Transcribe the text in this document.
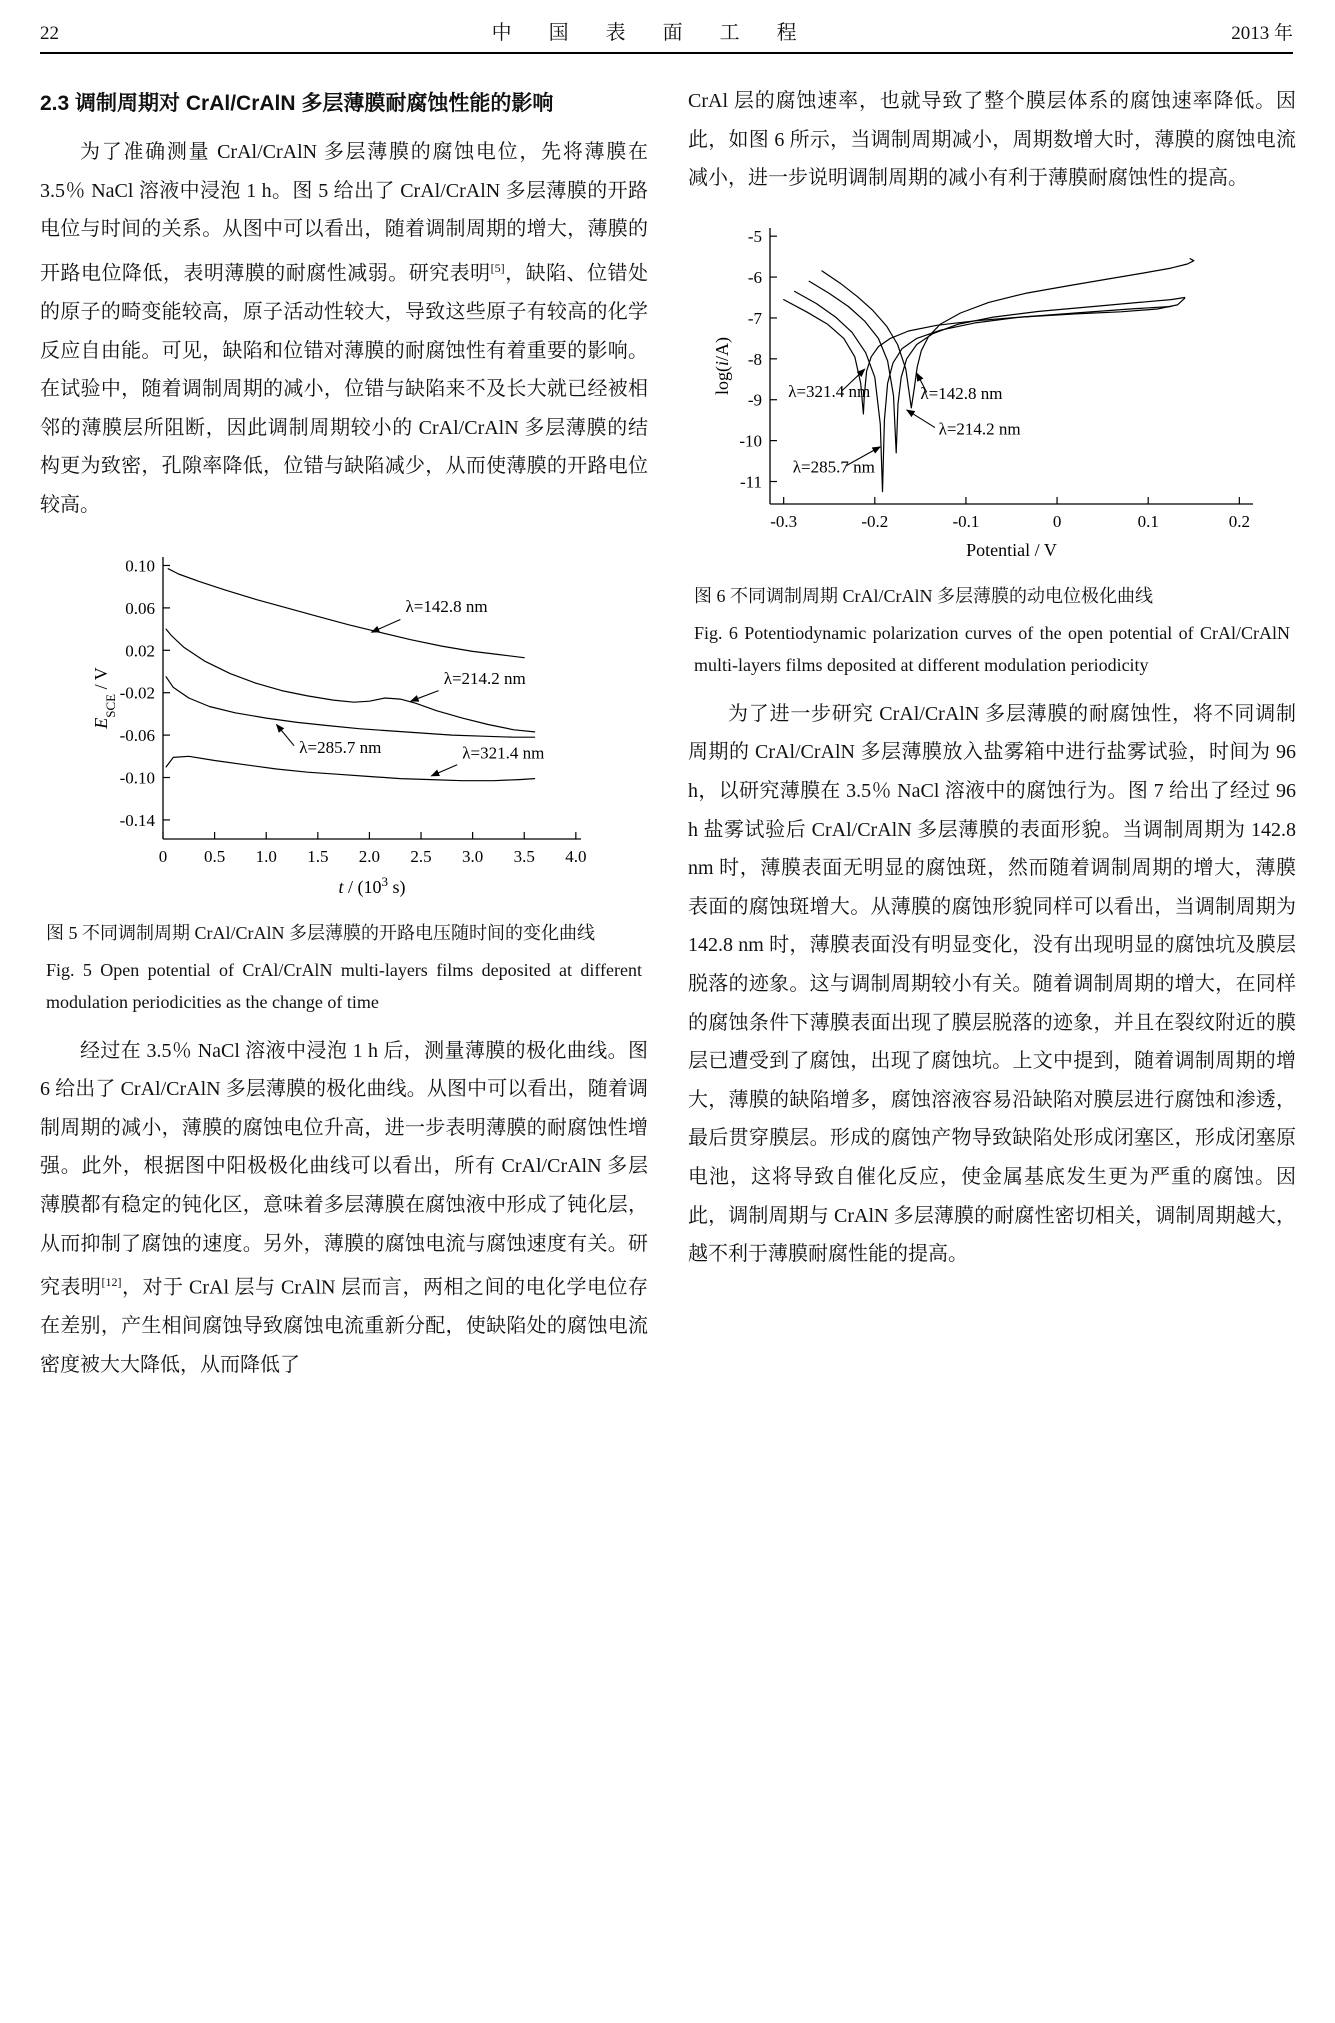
22	中 国 表 面 工 程	2013 年
2.3 调制周期对 CrAl/CrAlN 多层薄膜耐腐蚀性能的影响

为了准确测量 CrAl/CrAlN 多层薄膜的腐蚀电位，先将薄膜在 3.5％ NaCl 溶液中浸泡 1 h。图 5 给出了 CrAl/CrAlN 多层薄膜的开路电位与时间的关系。从图中可以看出，随着调制周期的增大，薄膜的开路电位降低，表明薄膜的耐腐性减弱。研究表明[5]，缺陷、位错处的原子的畸变能较高，原子活动性较大，导致这些原子有较高的化学反应自由能。可见，缺陷和位错对薄膜的耐腐蚀性有着重要的影响。在试验中，随着调制周期的减小，位错与缺陷来不及长大就已经被相邻的薄膜层所阻断，因此调制周期较小的 CrAl/CrAlN 多层薄膜的结构更为致密，孔隙率降低，位错与缺陷减少，从而使薄膜的开路电位较高。

0.10
0.06
0.02
-0.02
-0.06
-0.10
-0.14
0 0.5 1.0 1.5 2.0 2.5 3.0 3.5 4.0
λ=142.8 nm
λ=214.2 nm
λ=285.7 nm	λ=321.4 nm
t / ($10^3$ s)
$E_{SCE}$ / V
图 5 不同调制周期 CrAl/CrAlN 多层薄膜的开路电压随时间的变化曲线
Fig. 5 Open potential of CrAl/CrAlN multi-layers films deposited at different modulation periodicities as the change of time

经过在 3.5％ NaCl 溶液中浸泡 1 h 后，测量薄膜的极化曲线。图 6 给出了 CrAl/CrAlN 多层薄膜的极化曲线。从图中可以看出，随着调制周期的减小，薄膜的腐蚀电位升高，进一步表明薄膜的耐腐蚀性增强。此外，根据图中阳极极化曲线可以看出，所有 CrAl/CrAlN 多层薄膜都有稳定的钝化区，意味着多层薄膜在腐蚀液中形成了钝化层，从而抑制了腐蚀的速度。另外，薄膜的腐蚀电流与腐蚀速度有关。研究表明[12]，对于 CrAl 层与 CrAlN 层而言，两相之间的电化学电位存在差别，产生相间腐蚀导致腐蚀电流重新分配，使缺陷处的腐蚀电流密度被大大降低，从而降低了

CrAl 层的腐蚀速率，也就导致了整个膜层体系的腐蚀速率降低。因此，如图 6 所示，当调制周期减小，周期数增大时，薄膜的腐蚀电流减小，进一步说明调制周期的减小有利于薄膜耐腐蚀性的提高。

-5
-6
-7
-8
-9
-10
-11
-0.3	-0.2	-0.1	0	0.1	0.2
λ=321.4 nm	λ=142.8 nm
λ=214.2 nm
λ=285.7 nm
Potential / V
log(i/A)
图 6 不同调制周期 CrAl/CrAlN 多层薄膜的动电位极化曲线
Fig. 6 Potentiodynamic polarization curves of the open potential of CrAl/CrAlN multi-layers films deposited at different modulation periodicity

为了进一步研究 CrAl/CrAlN 多层薄膜的耐腐蚀性，将不同调制周期的 CrAl/CrAlN 多层薄膜放入盐雾箱中进行盐雾试验，时间为 96 h，以研究薄膜在 3.5％ NaCl 溶液中的腐蚀行为。图 7 给出了经过 96 h 盐雾试验后 CrAl/CrAlN 多层薄膜的表面形貌。当调制周期为 142.8 nm 时，薄膜表面无明显的腐蚀斑，然而随着调制周期的增大，薄膜表面的腐蚀斑增大。从薄膜的腐蚀形貌同样可以看出，当调制周期为 142.8 nm 时，薄膜表面没有明显变化，没有出现明显的腐蚀坑及膜层脱落的迹象。这与调制周期较小有关。随着调制周期的增大，在同样的腐蚀条件下薄膜表面出现了膜层脱落的迹象，并且在裂纹附近的膜层已遭受到了腐蚀，出现了腐蚀坑。上文中提到，随着调制周期的增大，薄膜的缺陷增多，腐蚀溶液容易沿缺陷对膜层进行腐蚀和渗透，最后贯穿膜层。形成的腐蚀产物导致缺陷处形成闭塞区，形成闭塞原电池，这将导致自催化反应，使金属基底发生更为严重的腐蚀。因此，调制周期与 CrAlN 多层薄膜的耐腐性密切相关，调制周期越大，越不利于薄膜耐腐性能的提高。
